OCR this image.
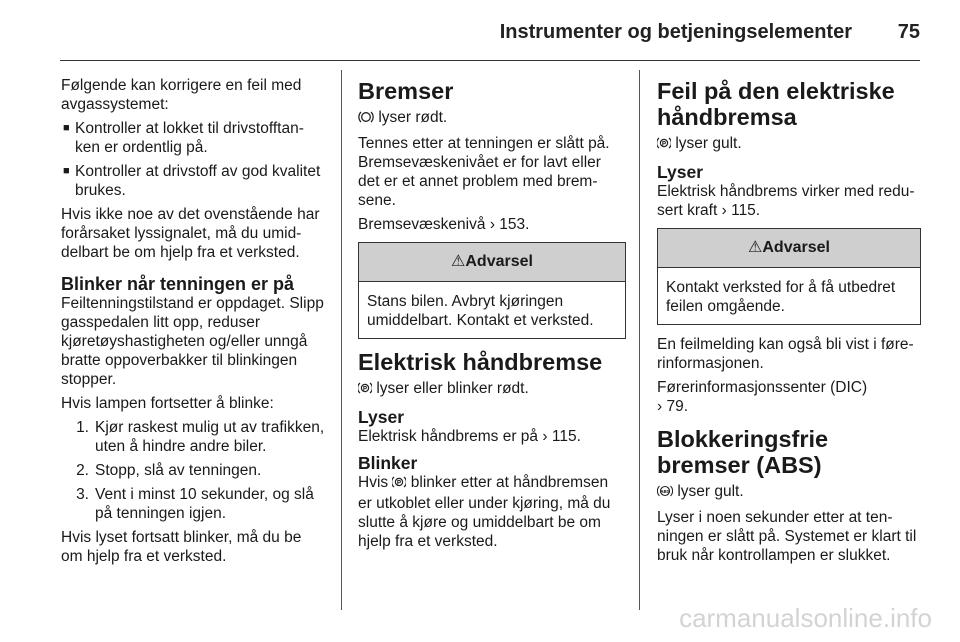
Instrumenter og betjeningselementer 75

Følgende kan korrigere en feil med avgassystemet:

■ Kontroller at lokket til drivstofftan-ken er ordentlig på.
■ Kontroller at drivstoff av god kvalitet brukes.

Hvis ikke noe av det ovenstående har forårsaket lyssignalet, må du umid-delbart be om hjelp fra et verksted.

Blinker når tenningen er på

Feiltenningstilstand er oppdaget. Slipp gasspedalen litt opp, reduser kjøretøyshastigheten og/eller unngå bratte oppoverbakker til blinkingen stopper.

Hvis lampen fortsetter å blinke:

1. Kjør raskest mulig ut av trafikken, uten å hindre andre biler.
2. Stopp, slå av tenningen.
3. Vent i minst 10 sekunder, og slå på tenningen igjen.

Hvis lyset fortsatt blinker, må du be om hjelp fra et verksted.

Bremser

lyser rødt.

Tennes etter at tenningen er slått på. Bremsevæskenivået er for lavt eller det er et annet problem med brem-sene.

Bremsevæskenivå › 153.

⚠Advarsel
Stans bilen. Avbryt kjøringen umiddelbart. Kontakt et verksted.
Elektrisk håndbremse

P lyser eller blinker rødt.

Lyser

Elektrisk håndbrems er på › 115.

Blinker

Hvis P blinker etter at håndbremsen er utkoblet eller under kjøring, må du slutte å kjøre og umiddelbart be om hjelp fra et verksted.

Feil på den elektriske håndbremsa

P lyser gult.

Lyser

Elektrisk håndbrems virker med redu-sert kraft › 115.

⚠Advarsel
Kontakt verksted for å få utbedret feilen omgående.

En feilmelding kan også bli vist i føre-rinformasjonen.

Førerinformasjonssenter (DIC)
› 79.

Blokkeringsfrie bremser (ABS)

ABS lyser gult.

Lyser i noen sekunder etter at ten-ningen er slått på. Systemet er klart til bruk når kontrollampen er slukket.

carmanualsonline.info
